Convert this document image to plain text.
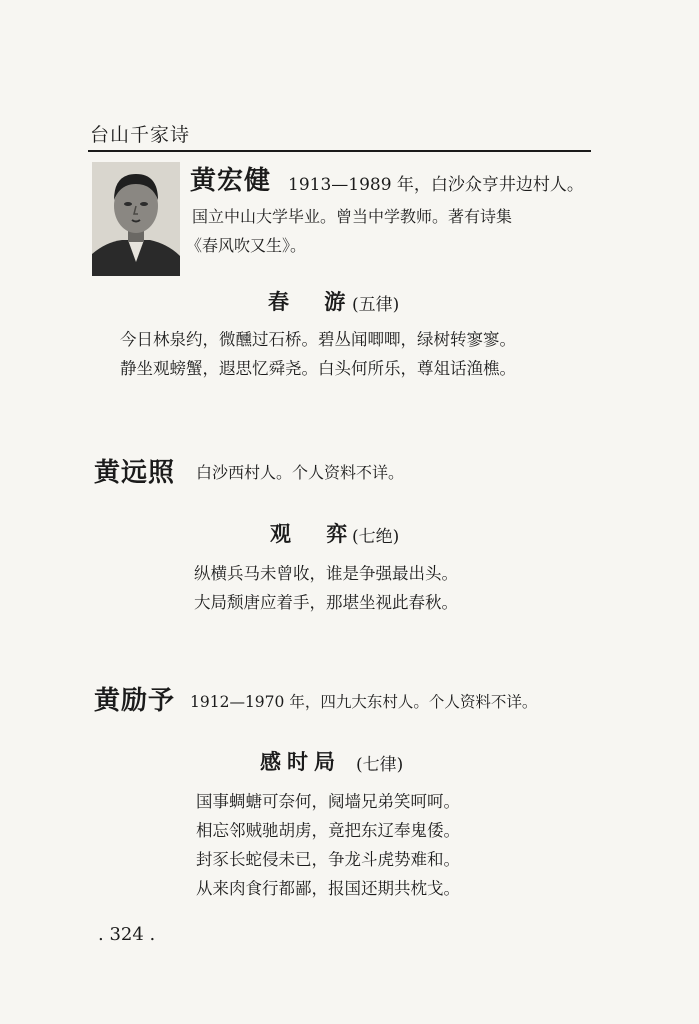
台山千家诗
黄宏健 1913—1989 年，白沙众亨井边村人。
国立中山大学毕业。曾当中学教师。著有诗集
《春风吹又生》。
春 游
(五律)
今日林泉约，微醺过石桥。碧丛闻唧唧，绿树转寥寥。
静坐观螃蟹，遐思忆舜尧。白头何所乐，尊俎话渔樵。
黄远照 白沙西村人。个人资料不详。
观 弈
(七绝)
纵横兵马未曾收，谁是争强最出头。
大局颓唐应着手，那堪坐视此春秋。
黄励予 1912—1970 年，四九大东村人。个人资料不详。
感时局 (七律)
国事蜩螗可奈何，阋墙兄弟笑呵呵。
相忘邻贼驰胡虏，竟把东辽奉鬼倭。
封豕长蛇侵未已，争龙斗虎势难和。
从来肉食行都鄙，报国还期共枕戈。
. 324 .
